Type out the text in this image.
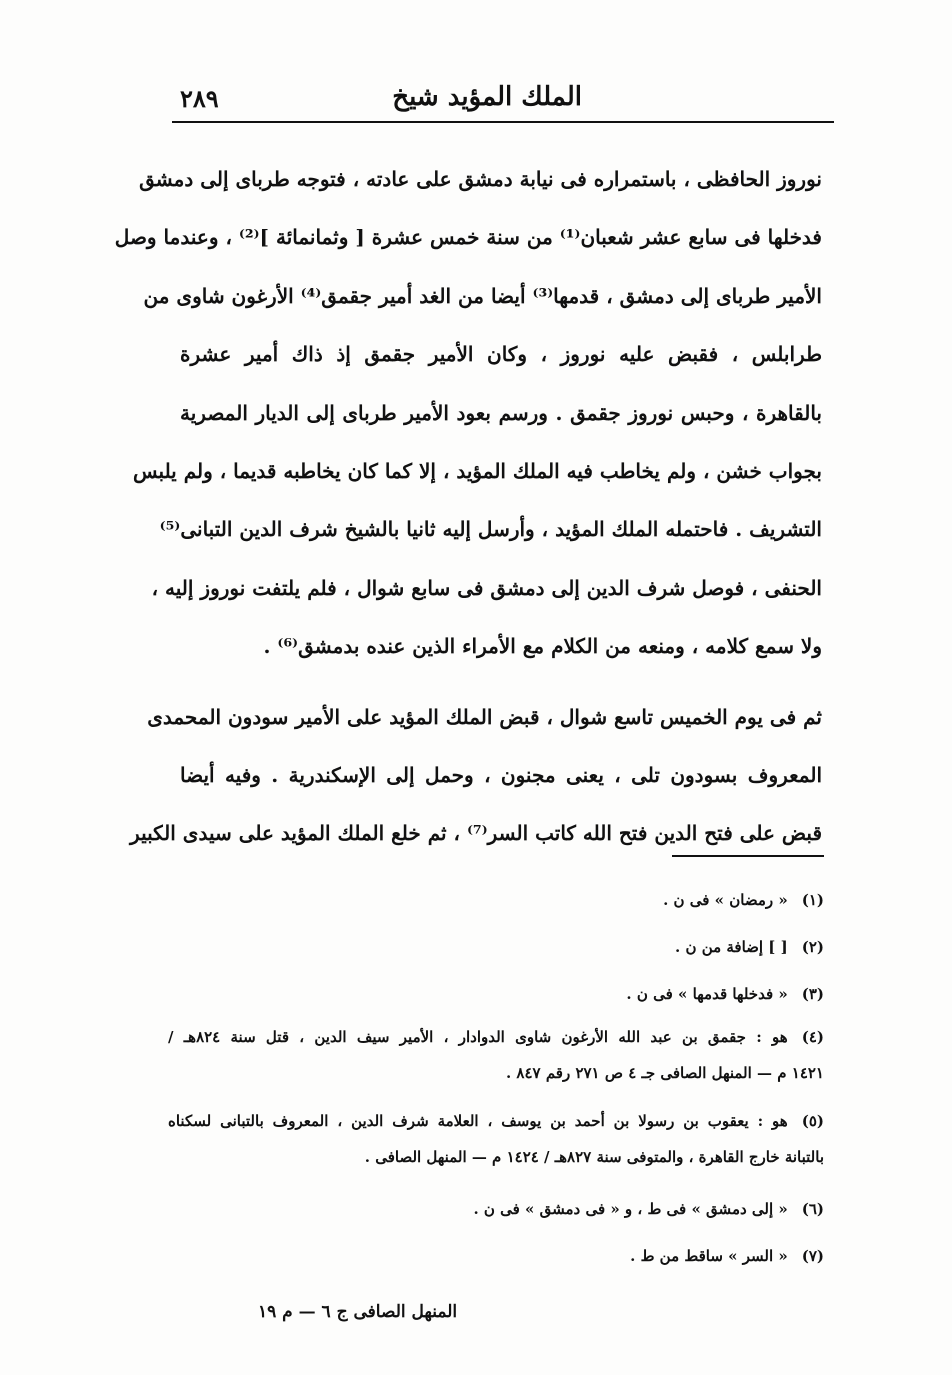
الملك المؤيد شيخ
٢٨٩
نوروز الحافظى ، باستمراره فى نيابة دمشق على عادته ، فتوجه طرباى إلى دمشق
فدخلها فى سابع عشر شعبان⁽¹⁾ من سنة خمس عشرة [ وثمانمائة ]⁽²⁾ ، وعندما وصل
الأمير طرباى إلى دمشق ، قدمها⁽³⁾ أيضا من الغد أمير جقمق⁽⁴⁾ الأرغون شاوى من
طرابلس ، فقبض عليه نوروز ، وكان الأمير جقمق إذ ذاك أمير عشرة
بالقاهرة ، وحبس نوروز جقمق . ورسم بعود الأمير طرباى إلى الديار المصرية
بجواب خشن ، ولم يخاطب فيه الملك المؤيد ، إلا كما كان يخاطبه قديما ، ولم يلبس
التشريف . فاحتمله الملك المؤيد ، وأرسل إليه ثانيا بالشيخ شرف الدين التبانى⁽⁵⁾
الحنفى ، فوصل شرف الدين إلى دمشق فى سابع شوال ، فلم يلتفت نوروز إليه ،
ولا سمع كلامه ، ومنعه من الكلام مع الأمراء الذين عنده بدمشق⁽⁶⁾ .
ثم فى يوم الخميس تاسع شوال ، قبض الملك المؤيد على الأمير سودون المحمدى
المعروف بسودون تلى ، يعنى مجنون ، وحمل إلى الإسكندرية . وفيه أيضا
قبض على فتح الدين فتح الله كاتب السر⁽⁷⁾ ، ثم خلع الملك المؤيد على سيدى الكبير
(١)« رمضان » فى ن .
(٢)[ ] إضافة من ن .
(٣)« فدخلها قدمها » فى ن .
(٤)هو : جقمق بن عبد الله الأرغون شاوى الدوادار ، الأمير سيف الدين ، قتل سنة ٨٢٤هـ /
١٤٢١ م — المنهل الصافى جـ ٤ ص ٢٧١ رقم ٨٤٧ .
(٥)هو : يعقوب بن رسولا بن أحمد بن يوسف ، العلامة شرف الدين ، المعروف بالتبانى لسكناه
بالتبانة خارج القاهرة ، والمتوفى سنة ٨٢٧هـ / ١٤٢٤ م — المنهل الصافى .
(٦)« إلى دمشق » فى ط ، و « فى دمشق » فى ن .
(٧)« السر » ساقط من ط .
المنهل الصافى ج ٦ — م ١٩
